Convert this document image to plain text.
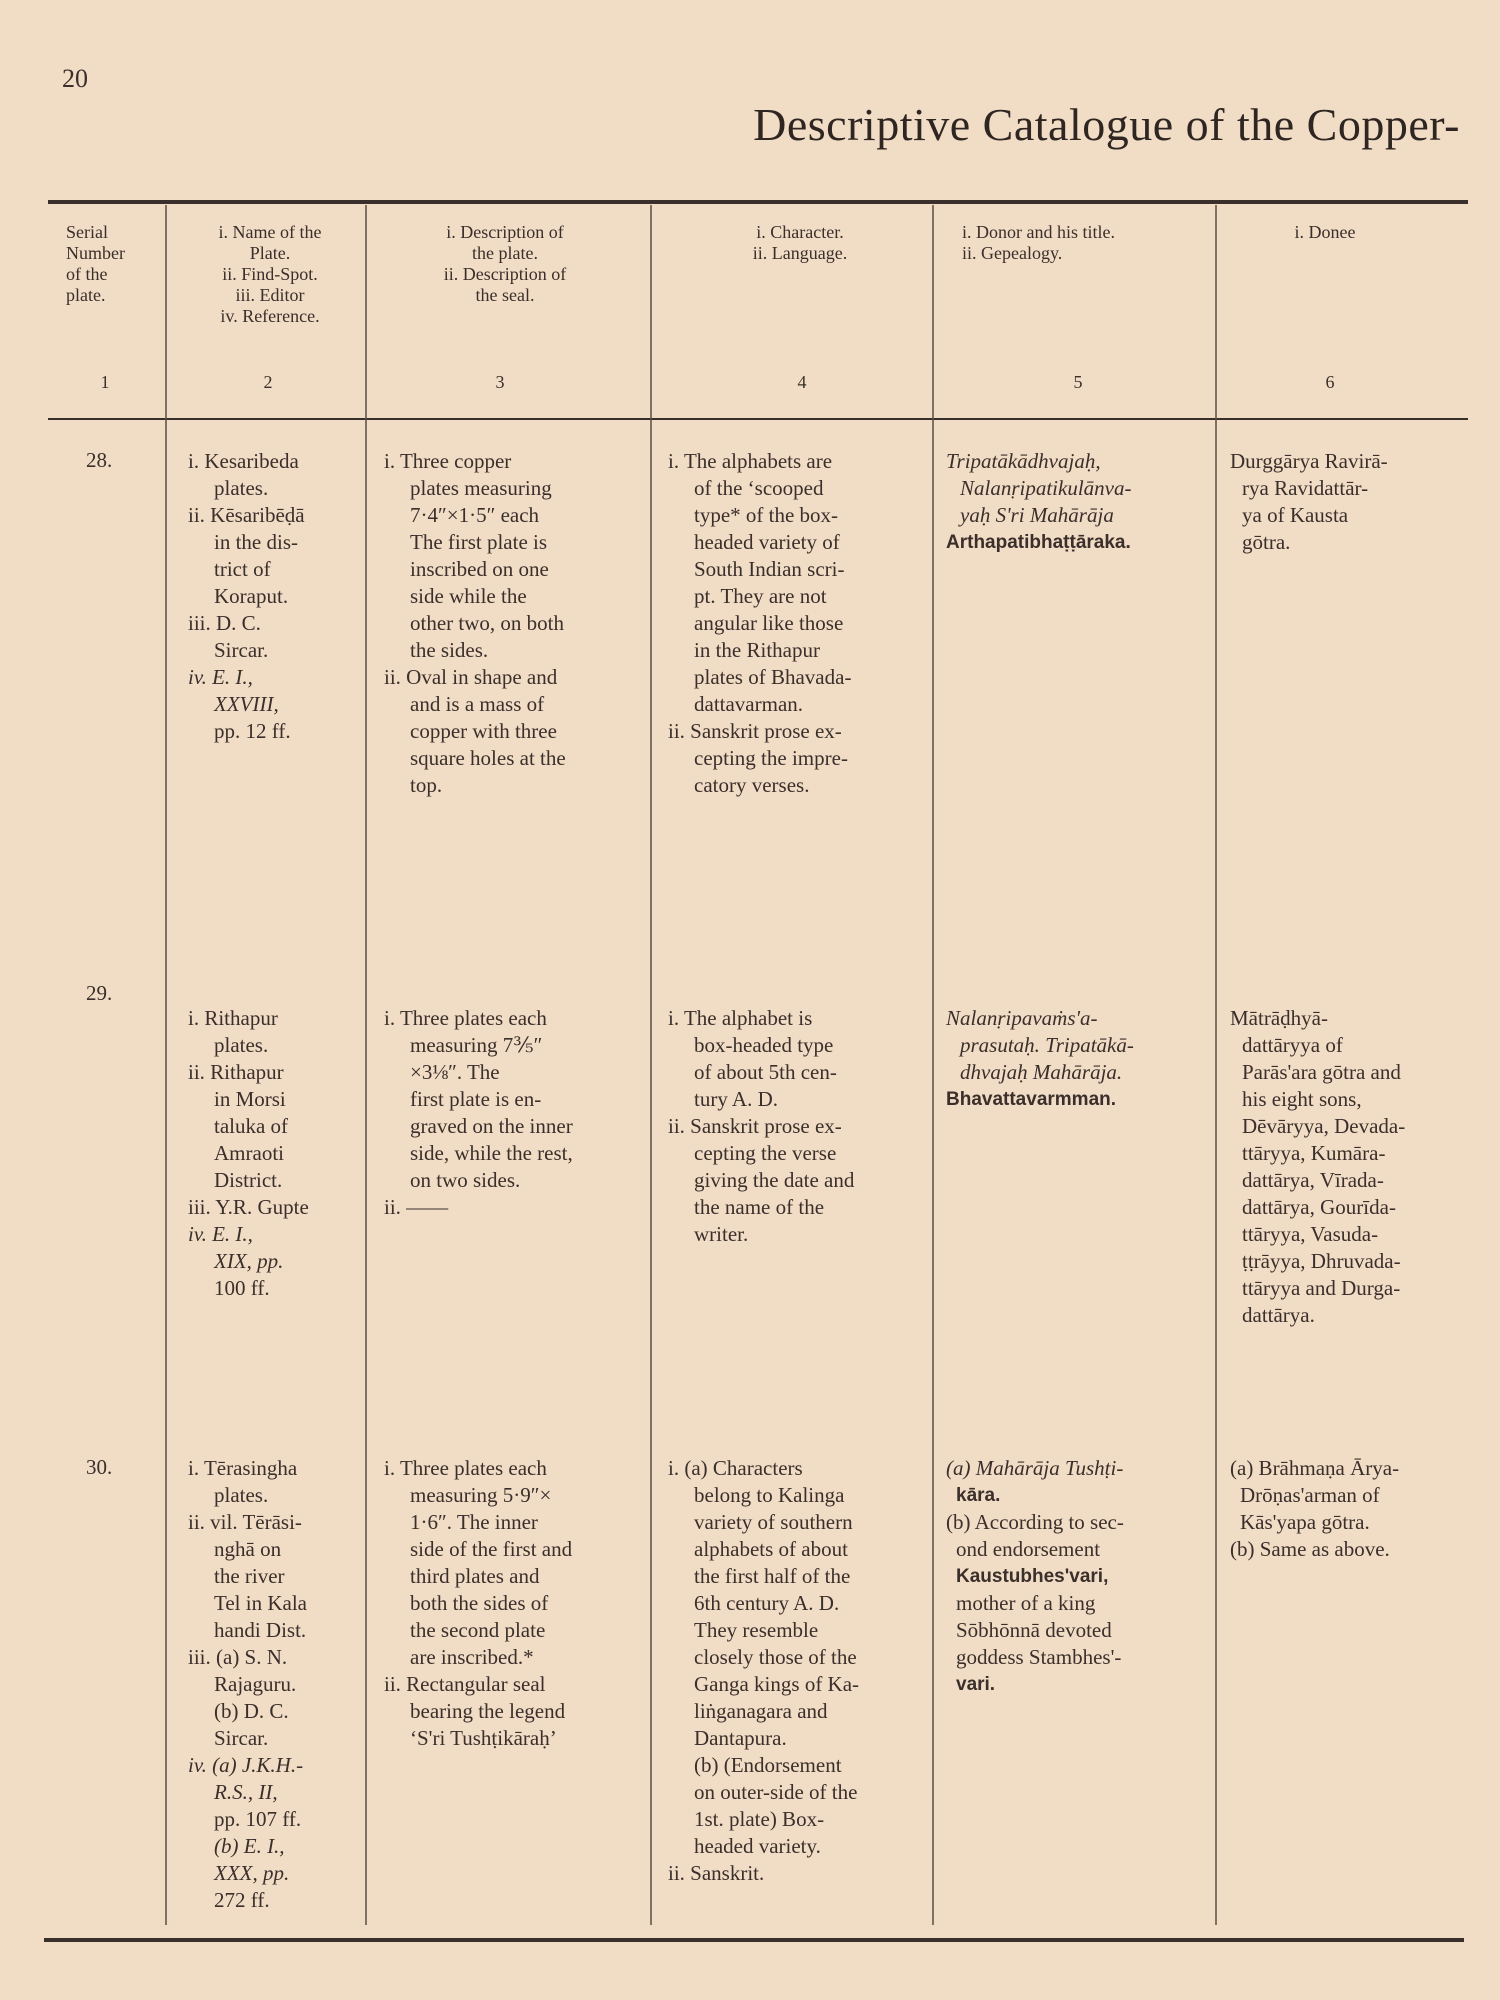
20
Descriptive Catalogue of the Copper-
Serial
Number
of the
plate.
1
i. Name of the
Plate.
ii. Find-Spot.
iii. Editor
iv. Reference.
2
i. Description of
the plate.
ii. Description of
the seal.
3
i. Character.
ii. Language.
4
i. Donor and his title.
ii. Gepealogy.
5
i. Donee
6
28.	i. Kesaribeda
plates.
ii. Kēsaribēḍā
in the dis-
trict of
Koraput.
iii. D. C.
Sircar.
iv. E. I.,
XXVIII,
pp. 12 ff.
i. Three copper
plates measuring
7·4″×1·5″ each
The first plate is
inscribed on one
side while the
other two, on both
the sides.
ii. Oval in shape and
and is a mass of
copper with three
square holes at the
top.
i. The alphabets are
of the ‘scooped
type* of the box-
headed variety of
South Indian scri-
pt. They are not
angular like those
in the Rithapur
plates of Bhavada-
dattavarman.
ii. Sanskrit prose ex-
cepting the impre-
catory verses.
Tripatākādhvajaḥ,
Nalanṛipatikulānva-
yaḥ S'ri Mahārāja
Arthapatibhaṭṭāraka.
Durggārya Ravirā-
rya Ravidattār-
ya of Kausta
gōtra.
29.
i. Rithapur
plates.
ii. Rithapur
in Morsi
taluka of
Amraoti
District.
iii. Y.R. Gupte
iv. E. I.,
XIX, pp.
100 ff.
i. Three plates each
measuring 7⅗″
×3⅛″. The
first plate is en-
graved on the inner
side, while the rest,
on two sides.
ii. ——
i. The alphabet is
box-headed type
of about 5th cen-
tury A. D.
ii. Sanskrit prose ex-
cepting the verse
giving the date and
the name of the
writer.
Nalanṛipavaṁs'a-
prasutaḥ. Tripatākā-
dhvajaḥ Mahārāja.
Bhavattavarmman.
Mātrāḍhyā-
dattāryya of
Parās'ara gōtra and
his eight sons,
Dēvāryya, Devada-
ttāryya, Kumāra-
dattārya, Vīrada-
dattārya, Gourīda-
ttāryya, Vasuda-
ṭṭrāyya, Dhruvada-
ttāryya and Durga-
dattārya.
30.	i. Tērasingha
plates.
ii. vil. Tērāsi-
nghā on
the river
Tel in Kala
handi Dist.
iii. (a) S. N.
Rajaguru.
(b) D. C.
Sircar.
iv. (a) J.K.H.-
R.S., II,
pp. 107 ff.
(b) E. I.,
XXX, pp.
272 ff.
i. Three plates each
measuring 5·9″×
1·6″. The inner
side of the first and
third plates and
both the sides of
the second plate
are inscribed.*
ii. Rectangular seal
bearing the legend
‘S'ri Tushṭikāraḥ’
i. (a) Characters
belong to Kalinga
variety of southern
alphabets of about
the first half of the
6th century A. D.
They resemble
closely those of the
Ganga kings of Ka-
liṅganagara and
Dantapura.
(b) (Endorsement
on outer-side of the
1st. plate) Box-
headed variety.
ii. Sanskrit.
(a) Mahārāja Tushṭi-
kāra.
(b) According to sec-
ond endorsement
Kaustubhes'vari,
mother of a king
Sōbhōnnā devoted
goddess Stambhes'-
vari.
(a) Brāhmaṇa Ārya-
Drōṇas'arman of
Kās'yapa gōtra.
(b) Same as above.
